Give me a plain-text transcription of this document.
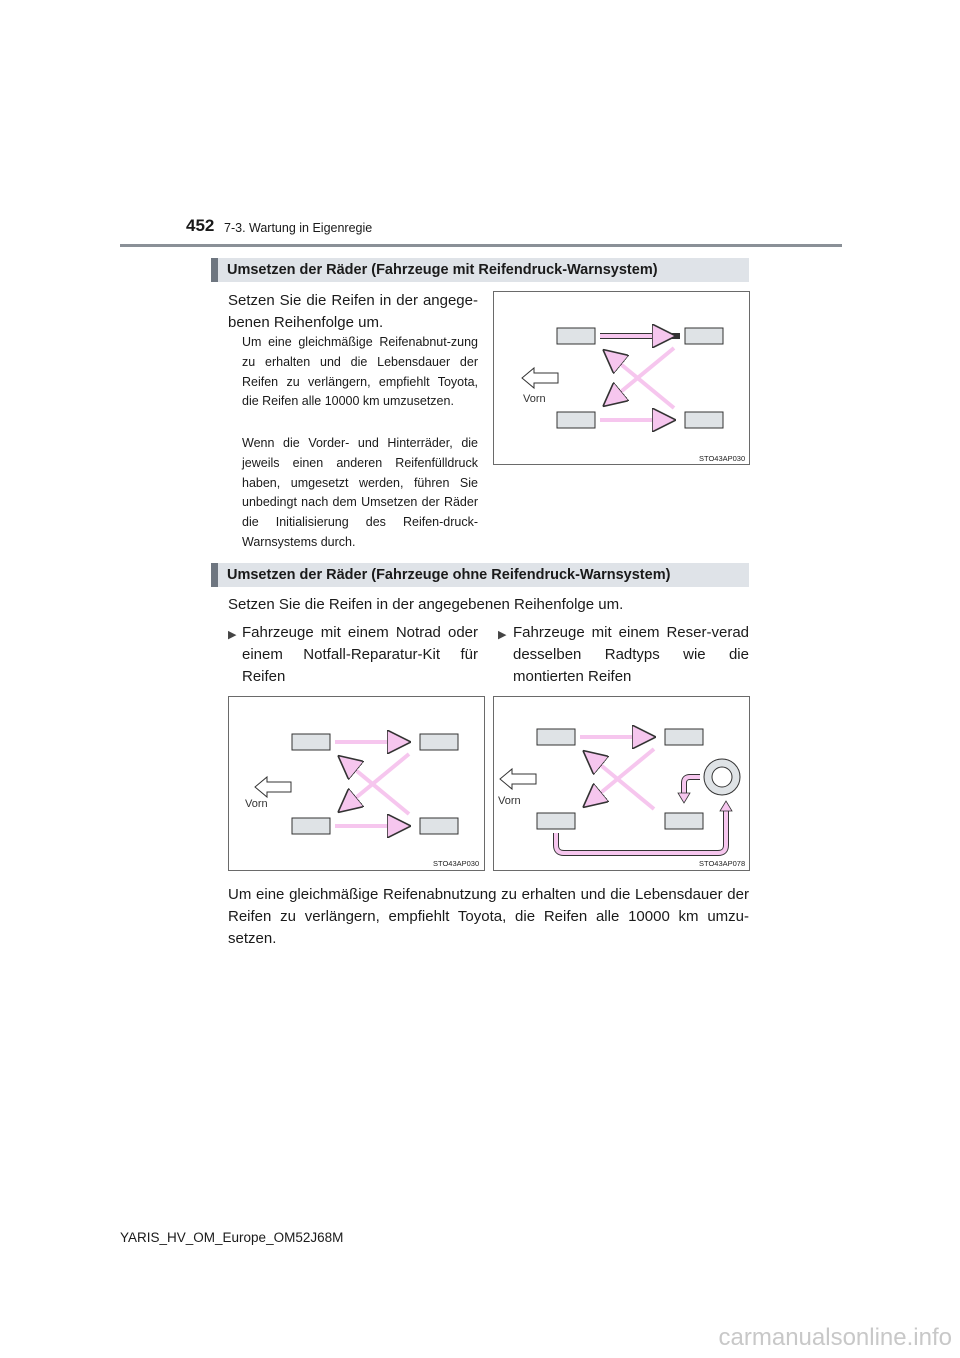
452 7-3. Wartung in Eigenregie
Umsetzen der Räder (Fahrzeuge mit Reifendruck-Warnsystem)
Setzen Sie die Reifen in der angege-benen Reihenfolge um.
Um eine gleichmäßige Reifenabnut-zung zu erhalten und die Lebensdauer der Reifen zu verlängern, empfiehlt Toyota, die Reifen alle 10000 km umzusetzen.
Wenn die Vorder- und Hinterräder, die jeweils einen anderen Reifenfülldruck haben, umgesetzt werden, führen Sie unbedingt nach dem Umsetzen der Räder die Initialisierung des Reifen-druck-Warnsystems durch.
Vorn
STO43AP030
Umsetzen der Räder (Fahrzeuge ohne Reifendruck-Warnsystem)
Setzen Sie die Reifen in der angegebenen Reihenfolge um.
▶ Fahrzeuge mit einem Notrad oder einem Notfall-Reparatur-Kit für Reifen
▶ Fahrzeuge mit einem Reser-verad desselben Radtyps wie die montierten Reifen
Vorn
STO43AP030
Vorn
STO43AP078
Um eine gleichmäßige Reifenabnutzung zu erhalten und die Lebensdauer der Reifen zu verlängern, empfiehlt Toyota, die Reifen alle 10000 km umzu-setzen.
YARIS_HV_OM_Europe_OM52J68M
carmanualsonline.info
